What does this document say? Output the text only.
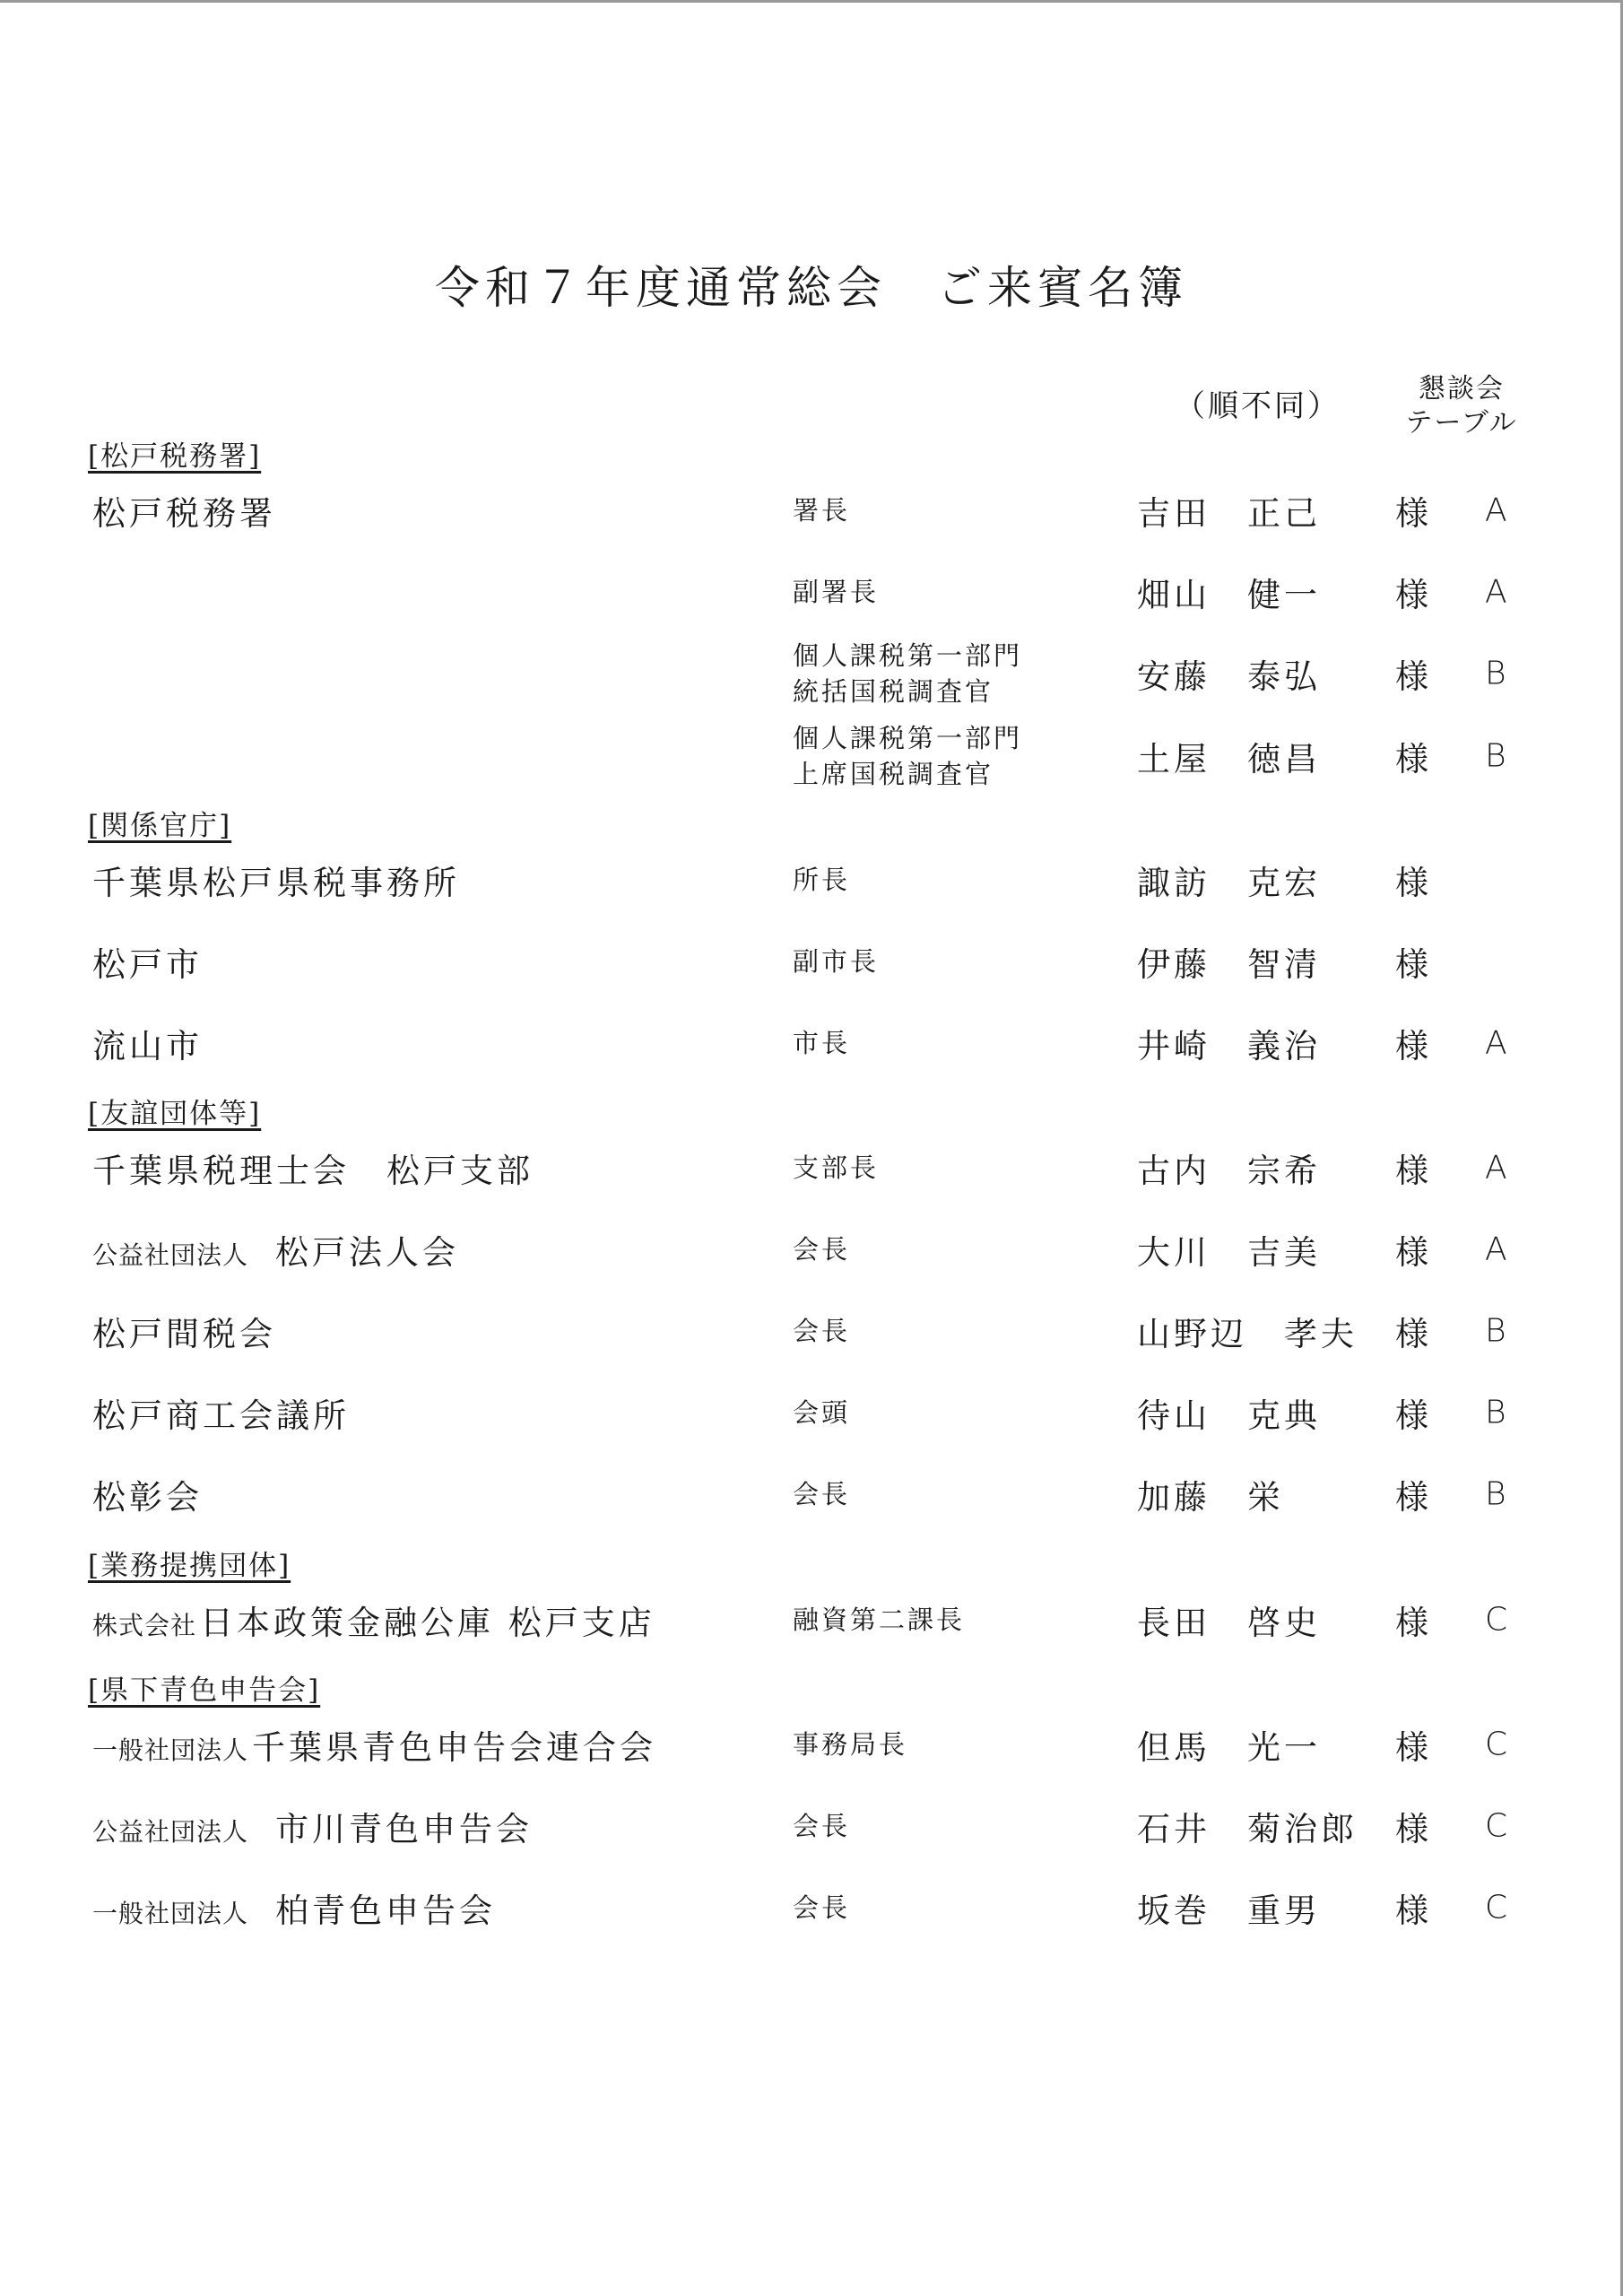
令和７年度通常総会　ご来賓名簿
（順不同）	懇談会
テーブル
[松戸税務署]
松戸税務署	署長	吉田　正己 様 A
副署長	畑山　健一 様 A
個人課税第一部門
統括国税調査官	安藤　泰弘 様 B
個人課税第一部門
上席国税調査官	土屋　徳昌 様 B
[関係官庁]
千葉県松戸県税事務所	所長	諏訪　克宏 様
松戸市	副市長	伊藤　智清 様
流山市	市長	井崎　義治 様 A
[友誼団体等]
千葉県税理士会　松戸支部	支部長	古内　宗希 様 A
公益社団法人 松戸法人会	会長	大川　吉美 様 A
松戸間税会	会長	山野辺　孝夫 様 B
松戸商工会議所	会頭	待山　克典 様 B
松彰会	会長	加藤　栄	様 B
[業務提携団体]
株式会社 日本政策金融公庫 松戸支店	融資第二課長	長田　啓史 様 C
[県下青色申告会]
一般社団法人 千葉県青色申告会連合会	事務局長	但馬　光一 様 C
公益社団法人 市川青色申告会	会長	石井　菊治郎 様 C
一般社団法人 柏青色申告会	会長	坂巻　重男 様 C
